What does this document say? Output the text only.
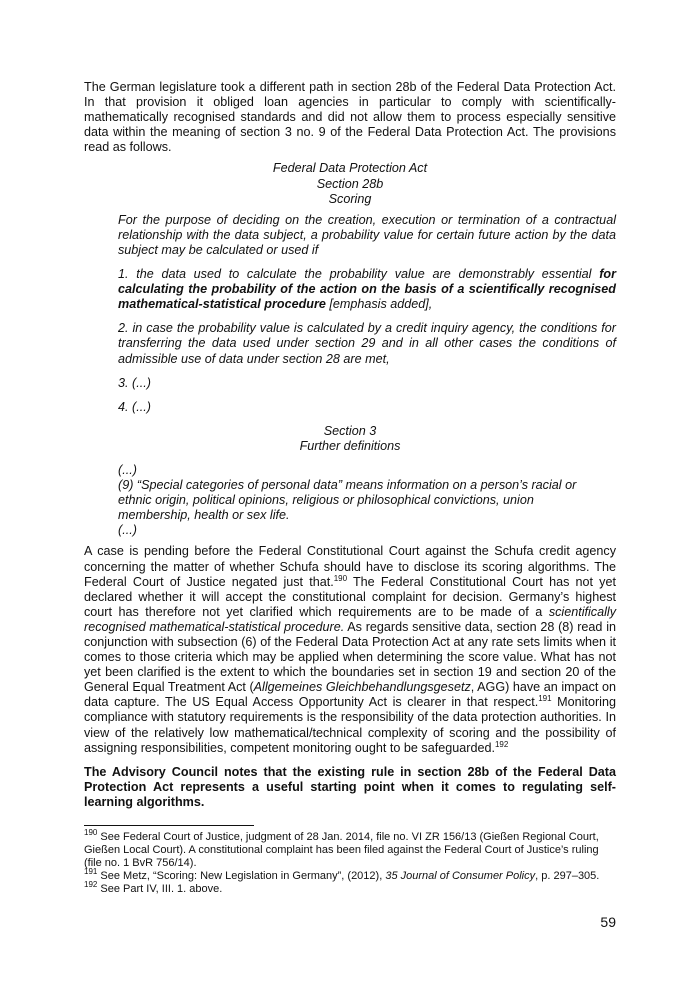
The German legislature took a different path in section 28b of the Federal Data Protection Act. In that provision it obliged loan agencies in particular to comply with scientifically-mathematically recognised standards and did not allow them to process especially sensitive data within the meaning of section 3 no. 9 of the Federal Data Protection Act. The provisions read as follows.

Federal Data Protection Act

Section 28b

Scoring

For the purpose of deciding on the creation, execution or termination of a contractual relationship with the data subject, a probability value for certain future action by the data subject may be calculated or used if

1. the data used to calculate the probability value are demonstrably essential for calculating the probability of the action on the basis of a scientifically recognised mathematical-statistical procedure [emphasis added],

2. in case the probability value is calculated by a credit inquiry agency, the conditions for transferring the data used under section 29 and in all other cases the conditions of admissible use of data under section 28 are met,

3. (...)

4. (...)

Section 3

Further definitions

(...)

(9) “Special categories of personal data” means information on a person’s racial or ethnic origin, political opinions, religious or philosophical convictions, union membership, health or sex life.

(...)

A case is pending before the Federal Constitutional Court against the Schufa credit agency concerning the matter of whether Schufa should have to disclose its scoring algorithms. The Federal Court of Justice negated just that.$^{190}$ The Federal Constitutional Court has not yet declared whether it will accept the constitutional complaint for decision. Germany’s highest court has therefore not yet clarified which requirements are to be made of a scientifically recognised mathematical-statistical procedure. As regards sensitive data, section 28 (8) read in conjunction with subsection (6) of the Federal Data Protection Act at any rate sets limits when it comes to those criteria which may be applied when determining the score value. What has not yet been clarified is the extent to which the boundaries set in section 19 and section 20 of the General Equal Treatment Act (Allgemeines Gleichbehandlungsgesetz, AGG) have an impact on data capture. The US Equal Access Opportunity Act is clearer in that respect.$^{191}$ Monitoring compliance with statutory requirements is the responsibility of the data protection authorities. In view of the relatively low mathematical/technical complexity of scoring and the possibility of assigning responsibilities, competent monitoring ought to be safeguarded.$^{192}$

The Advisory Council notes that the existing rule in section 28b of the Federal Data Protection Act represents a useful starting point when it comes to regulating self-learning algorithms.

$^{190}$ See Federal Court of Justice, judgment of 28 Jan. 2014, file no. VI ZR 156/13 (Gießen Regional Court, Gießen Local Court). A constitutional complaint has been filed against the Federal Court of Justice’s ruling (file no. 1 BvR 756/14).

$^{191}$ See Metz, “Scoring: New Legislation in Germany”, (2012), 35 Journal of Consumer Policy, p. 297–305.

$^{192}$ See Part IV, III. 1. above.

59
